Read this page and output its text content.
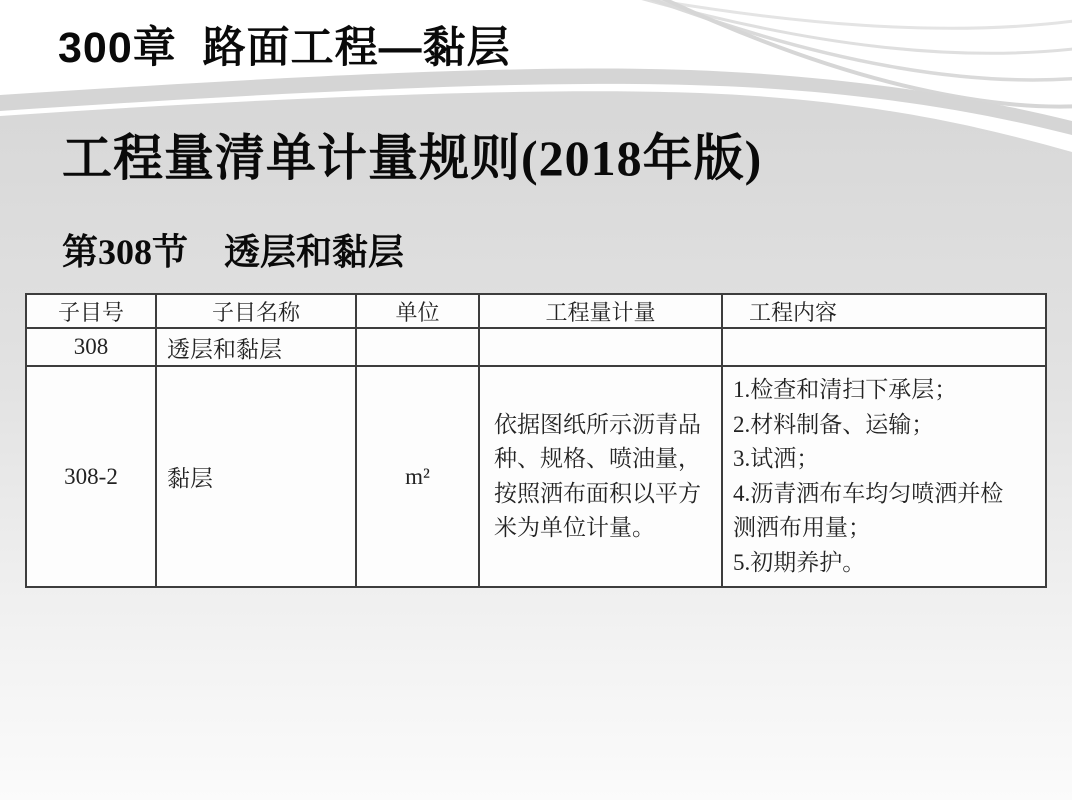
300章  路面工程—黏层
工程量清单计量规则(2018年版)
第308节　透层和黏层
子目号	子目名称	单位	工程量计量	工程内容
308	透层和黏层			
308-2	黏层	m²	依据图纸所示沥青品种、规格、喷油量，按照洒布面积以平方米为单位计量。	1.检查和清扫下承层；
2.材料制备、运输；
3.试洒；
4.沥青洒布车均匀喷洒并检测洒布用量；
5.初期养护。
